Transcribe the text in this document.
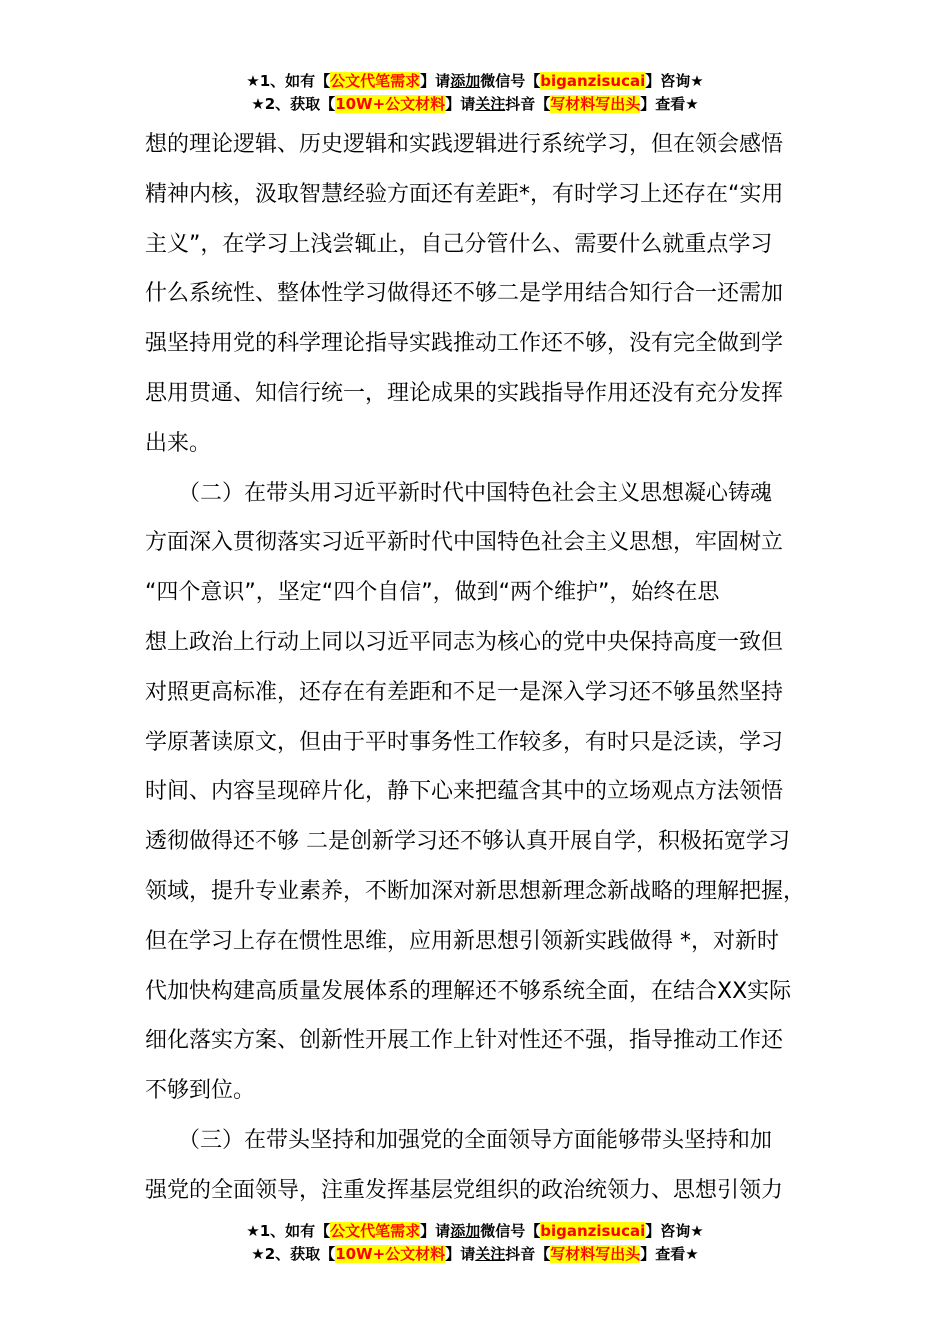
★1、如有【公文代笔需求】请添加微信号【biganzisucai】咨询★
★2、获取【10W+公文材料】请关注抖音【写材料写出头】查看★
想的理论逻辑、历史逻辑和实践逻辑进行系统学习，但在领会感悟
精神内核，汲取智慧经验方面还有差距*，有时学习上还存在“实用
主义”，在学习上浅尝辄止，自己分管什么、需要什么就重点学习
什么系统性、整体性学习做得还不够二是学用结合知行合一还需加
强坚持用党的科学理论指导实践推动工作还不够，没有完全做到学
思用贯通、知信行统一，理论成果的实践指导作用还没有充分发挥
出来。
　　（二）在带头用习近平新时代中国特色社会主义思想凝心铸魂
方面深入贯彻落实习近平新时代中国特色社会主义思想，牢固树立
“四个意识”，坚定“四个自信”，做到“两个维护”，始终在思
想上政治上行动上同以习近平同志为核心的党中央保持高度一致但
对照更高标准，还存在有差距和不足一是深入学习还不够虽然坚持
学原著读原文，但由于平时事务性工作较多，有时只是泛读，学习
时间、内容呈现碎片化，静下心来把蕴含其中的立场观点方法领悟
透彻做得还不够 二是创新学习还不够认真开展自学，积极拓宽学习
领域，提升专业素养，不断加深对新思想新理念新战略的理解把握，
但在学习上存在惯性思维，应用新思想引领新实践做得 *，对新时
代加快构建高质量发展体系的理解还不够系统全面，在结合XX实际
细化落实方案、创新性开展工作上针对性还不强，指导推动工作还
不够到位。
　　（三）在带头坚持和加强党的全面领导方面能够带头坚持和加
强党的全面领导，注重发挥基层党组织的政治统领力、思想引领力
★1、如有【公文代笔需求】请添加微信号【biganzisucai】咨询★
★2、获取【10W+公文材料】请关注抖音【写材料写出头】查看★
